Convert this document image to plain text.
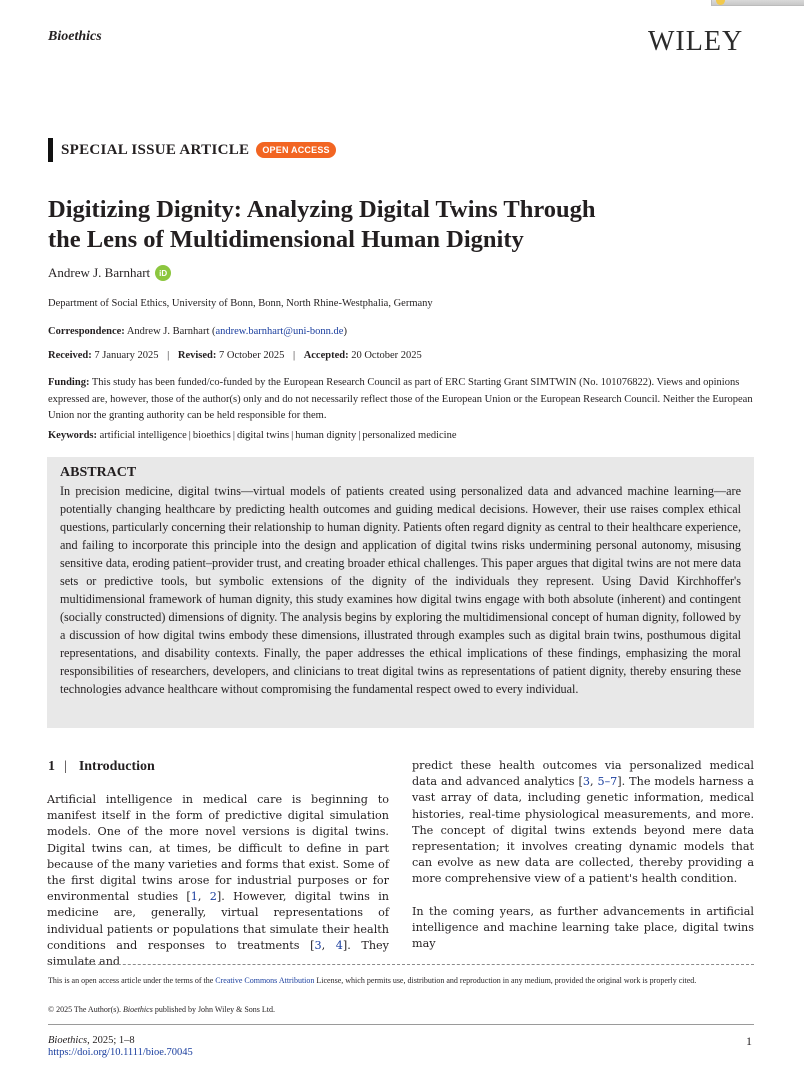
Bioethics	WILEY
SPECIAL ISSUE ARTICLE	OPEN ACCESS
Digitizing Dignity: Analyzing Digital Twins Through
the Lens of Multidimensional Human Dignity
Andrew J. Barnhart	iD
Department of Social Ethics, University of Bonn, Bonn, North Rhine-Westphalia, Germany
Correspondence: Andrew J. Barnhart (andrew.barnhart@uni-bonn.de)
Received: 7 January 2025 | Revised: 7 October 2025 | Accepted: 20 October 2025
Funding: This study has been funded/co-funded by the European Research Council as part of ERC Starting Grant SIMTWIN (No. 101076822). Views and opinions expressed are, however, those of the author(s) only and do not necessarily reflect those of the European Union or the European Research Council. Neither the European Union nor the granting authority can be held responsible for them.
Keywords: artificial intelligence | bioethics | digital twins | human dignity | personalized medicine
ABSTRACT

In precision medicine, digital twins—virtual models of patients created using personalized data and advanced machine learning—are potentially changing healthcare by predicting health outcomes and guiding medical decisions. However, their use raises complex ethical questions, particularly concerning their relationship to human dignity. Patients often regard dignity as central to their healthcare experience, and failing to incorporate this principle into the design and application of digital twins risks undermining personal autonomy, misusing sensitive data, eroding patient–provider trust, and creating broader ethical challenges. This paper argues that digital twins are not mere data sets or predictive tools, but symbolic extensions of the dignity of the individuals they represent. Using David Kirchhoffer's multidimensional framework of human dignity, this study examines how digital twins engage with both absolute (inherent) and contingent (socially constructed) dimensions of dignity. The analysis begins by exploring the multidimensional concept of human dignity, followed by a discussion of how digital twins embody these dimensions, illustrated through examples such as digital brain twins, posthumous digital representations, and disability contexts. Finally, the paper addresses the ethical implications of these findings, emphasizing the moral responsibilities of researchers, developers, and clinicians to treat digital twins as representations of patient dignity, thereby ensuring these technologies advance healthcare without compromising the fundamental respect owed to every individual.

1 | Introduction

Artificial intelligence in medical care is beginning to manifest itself in the form of predictive digital simulation models. One of the more novel versions is digital twins. Digital twins can, at times, be difficult to define in part because of the many varieties and forms that exist. Some of the first digital twins arose for industrial purposes or for environmental studies [1, 2]. However, digital twins in medicine are, generally, virtual representations of individual patients or populations that simulate their health conditions and responses to treatments [3, 4]. They simulate and

predict these health outcomes via personalized medical data and advanced analytics [3, 5–7]. The models harness a vast array of data, including genetic information, medical histories, real-time physiological measurements, and more. The concept of digital twins extends beyond mere data representation; it involves creating dynamic models that can evolve as new data are collected, thereby providing a more comprehensive view of a patient's health condition.

In the coming years, as further advancements in artificial intelligence and machine learning take place, digital twins may

This is an open access article under the terms of the Creative Commons Attribution License, which permits use, distribution and reproduction in any medium, provided the original work is properly cited.
© 2025 The Author(s). Bioethics published by John Wiley & Sons Ltd.
Bioethics, 2025; 1–8
https://doi.org/10.1111/bioe.70045
1
